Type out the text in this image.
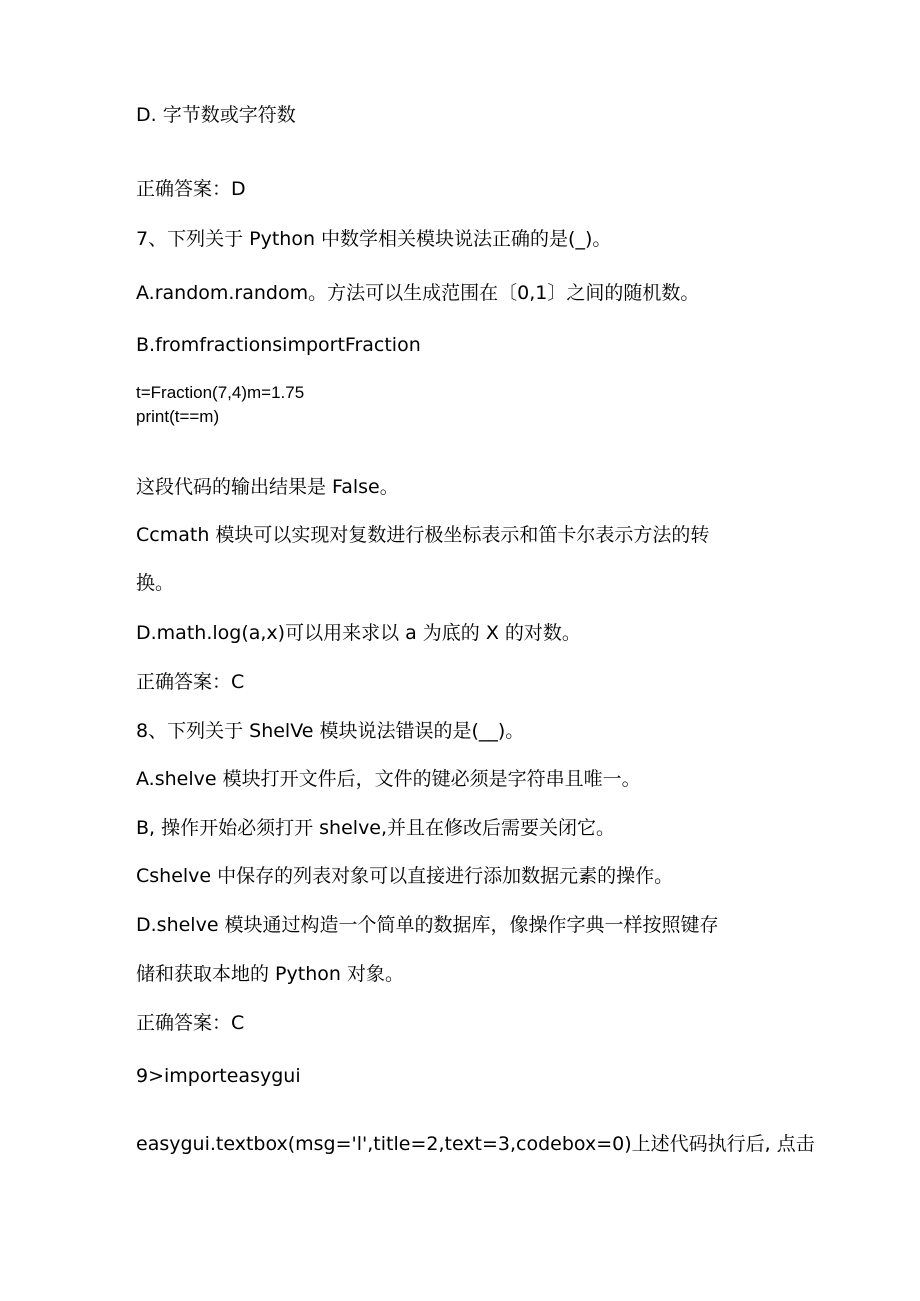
D. 字节数或字符数
正确答案：D
7、下列关于 Python 中数学相关模块说法正确的是(_)。
A.random.random。方法可以生成范围在〔0,1〕之间的随机数。
B.fromfractionsimportFraction
t=Fraction(7,4)m=1.75
print(t==m)
这段代码的输出结果是 False。
Ccmath 模块可以实现对复数进行极坐标表示和笛卡尔表示方法的转
换。
D.math.log(a,x)可以用来求以 a 为底的 X 的对数。
正确答案：C
8、下列关于 ShelVe 模块说法错误的是(__)。
A.shelve 模块打开文件后，文件的键必须是字符串且唯一。
B, 操作开始必须打开 shelve,并且在修改后需要关闭它。
Cshelve 中保存的列表对象可以直接进行添加数据元素的操作。
D.shelve 模块通过构造一个简单的数据库，像操作字典一样按照键存
储和获取本地的 Python 对象。
正确答案：C
9>importeasygui
easygui.textbox(msg='l',title=2,text=3,codebox=0)上述代码执行后, 点击
